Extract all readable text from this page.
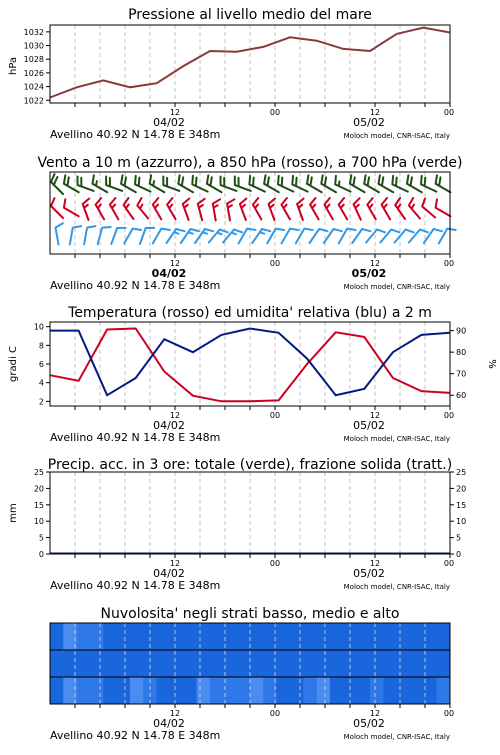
Pressione al livello medio del mare
1022
1024
1026
1028
1030
1032
hPa
12	00	12	00
04/02	05/02
Avellino 40.92 N 14.78 E 348m	Moloch model, CNR-ISAC, Italy
Vento a 10 m (azzurro), a 850 hPa (rosso), a 700 hPa (verde)
12	00	12	00
04/02	05/02
Avellino 40.92 N 14.78 E 348m	Moloch model, CNR-ISAC, Italy
Temperatura (rosso) ed umidita' relativa (blu) a 2 m
2
4
6
8
10
60
70
80
90
gradi C	%
12	00	12	00
04/02	05/02
Avellino 40.92 N 14.78 E 348m	Moloch model, CNR-ISAC, Italy
Precip. acc. in 3 ore: totale (verde), frazione solida (tratt.)
0	0
5	5
10	10
15	15
20	20
25	25
mm
12	00	12	00
04/02	05/02
Avellino 40.92 N 14.78 E 348m	Moloch model, CNR-ISAC, Italy
Nuvolosita' negli strati basso, medio e alto
12	00	12	00
04/02	05/02
Avellino 40.92 N 14.78 E 348m	Moloch model, CNR-ISAC, Italy
